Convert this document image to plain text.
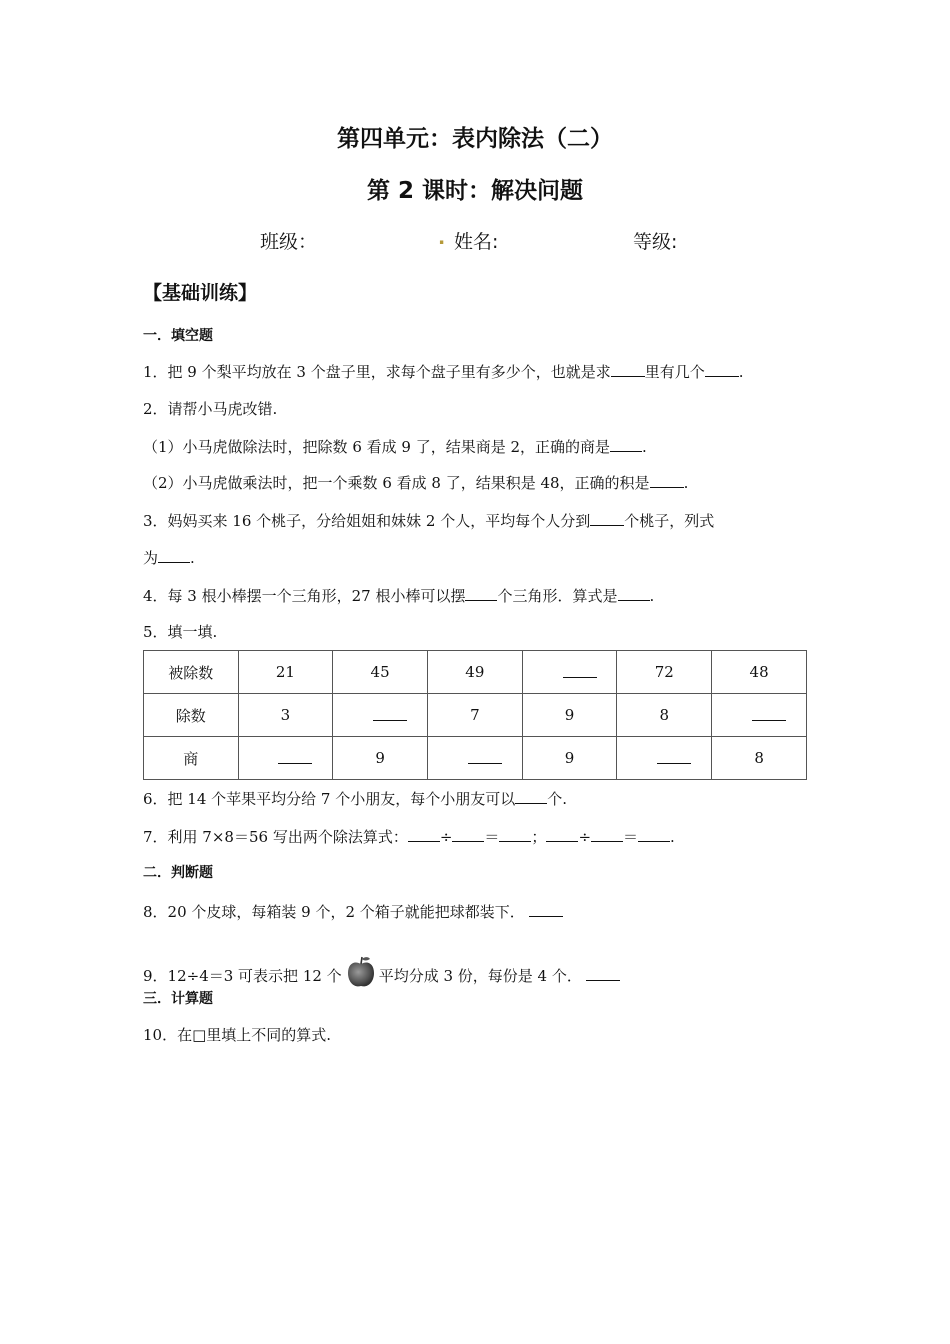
第四单元：表内除法（二）
第 2 课时：解决问题
班级：	. 姓名:	等级:
【基础训练】
一．填空题
1．把 9 个梨平均放在 3 个盘子里，求每个盘子里有多少个，也就是求 里有几个 .
2．请帮小马虎改错.
（1）小马虎做除法时，把除数 6 看成 9 了，结果商是 2，正确的商是 .
（2）小马虎做乘法时，把一个乘数 6 看成 8 了，结果积是 48，正确的积是 .
3．妈妈买来 16 个桃子，分给姐姐和妹妹 2 个人，平均每个人分到 个桃子，列式
为 .
4．每 3 根小棒摆一个三角形，27 根小棒可以摆 个三角形．算式是 .
5．填一填.
被除数	21	45	49		72	48
除数	3		7	9	8	
商		9		9		8
6．把 14 个苹果平均分给 7 个小朋友，每个小朋友可以 个.
7．利用 7×8＝56 写出两个除法算式： ÷ ＝ ； ÷ ＝ .
二．判断题
8．20 个皮球，每箱装 9 个，2 个箱子就能把球都装下．
9．12÷4＝3 可表示把 12 个 平均分成 3 份，每份是 4 个．
三．计算题
10．在□里填上不同的算式.
